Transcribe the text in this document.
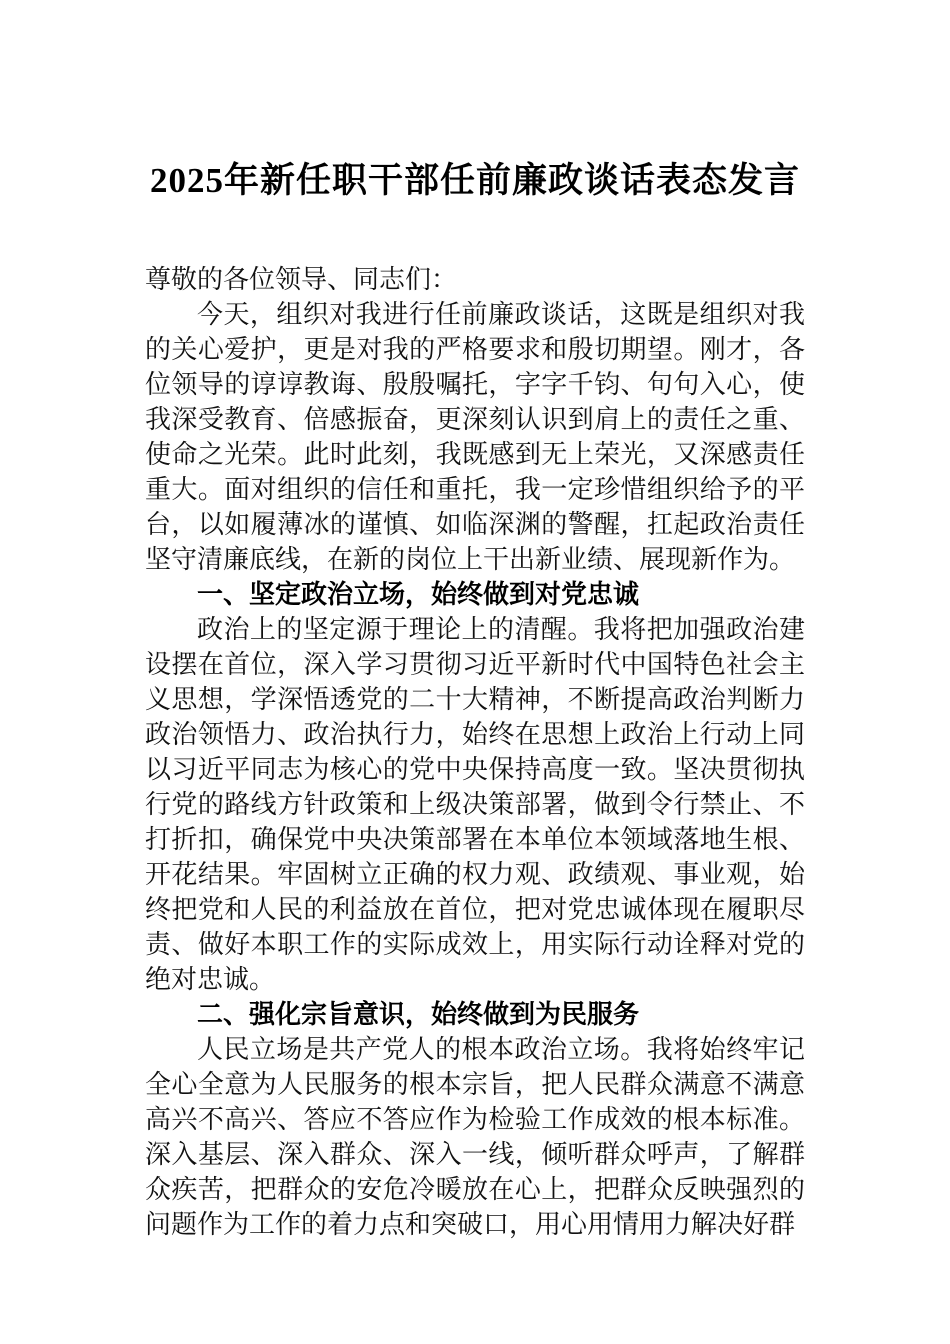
2025年新任职干部任前廉政谈话表态发言

尊敬的各位领导、同志们：

今天，组织对我进行任前廉政谈话，这既是组织对我的关心爱护，更是对我的严格要求和殷切期望。刚才，各位领导的谆谆教诲、殷殷嘱托，字字千钧、句句入心，使我深受教育、倍感振奋，更深刻认识到肩上的责任之重、使命之光荣。此时此刻，我既感到无上荣光，又深感责任重大。面对组织的信任和重托，我一定珍惜组织给予的平台，以如履薄冰的谨慎、如临深渊的警醒，扛起政治责任坚守清廉底线，在新的岗位上干出新业绩、展现新作为。

一、坚定政治立场，始终做到对党忠诚

政治上的坚定源于理论上的清醒。我将把加强政治建设摆在首位，深入学习贯彻习近平新时代中国特色社会主义思想，学深悟透党的二十大精神，不断提高政治判断力政治领悟力、政治执行力，始终在思想上政治上行动上同以习近平同志为核心的党中央保持高度一致。坚决贯彻执行党的路线方针政策和上级决策部署，做到令行禁止、不打折扣，确保党中央决策部署在本单位本领域落地生根、开花结果。牢固树立正确的权力观、政绩观、事业观，始终把党和人民的利益放在首位，把对党忠诚体现在履职尽责、做好本职工作的实际成效上，用实际行动诠释对党的绝对忠诚。

二、强化宗旨意识，始终做到为民服务

人民立场是共产党人的根本政治立场。我将始终牢记全心全意为人民服务的根本宗旨，把人民群众满意不满意高兴不高兴、答应不答应作为检验工作成效的根本标准。深入基层、深入群众、深入一线，倾听群众呼声，了解群众疾苦，把群众的安危冷暖放在心上，把群众反映强烈的问题作为工作的着力点和突破口，用心用情用力解决好群
